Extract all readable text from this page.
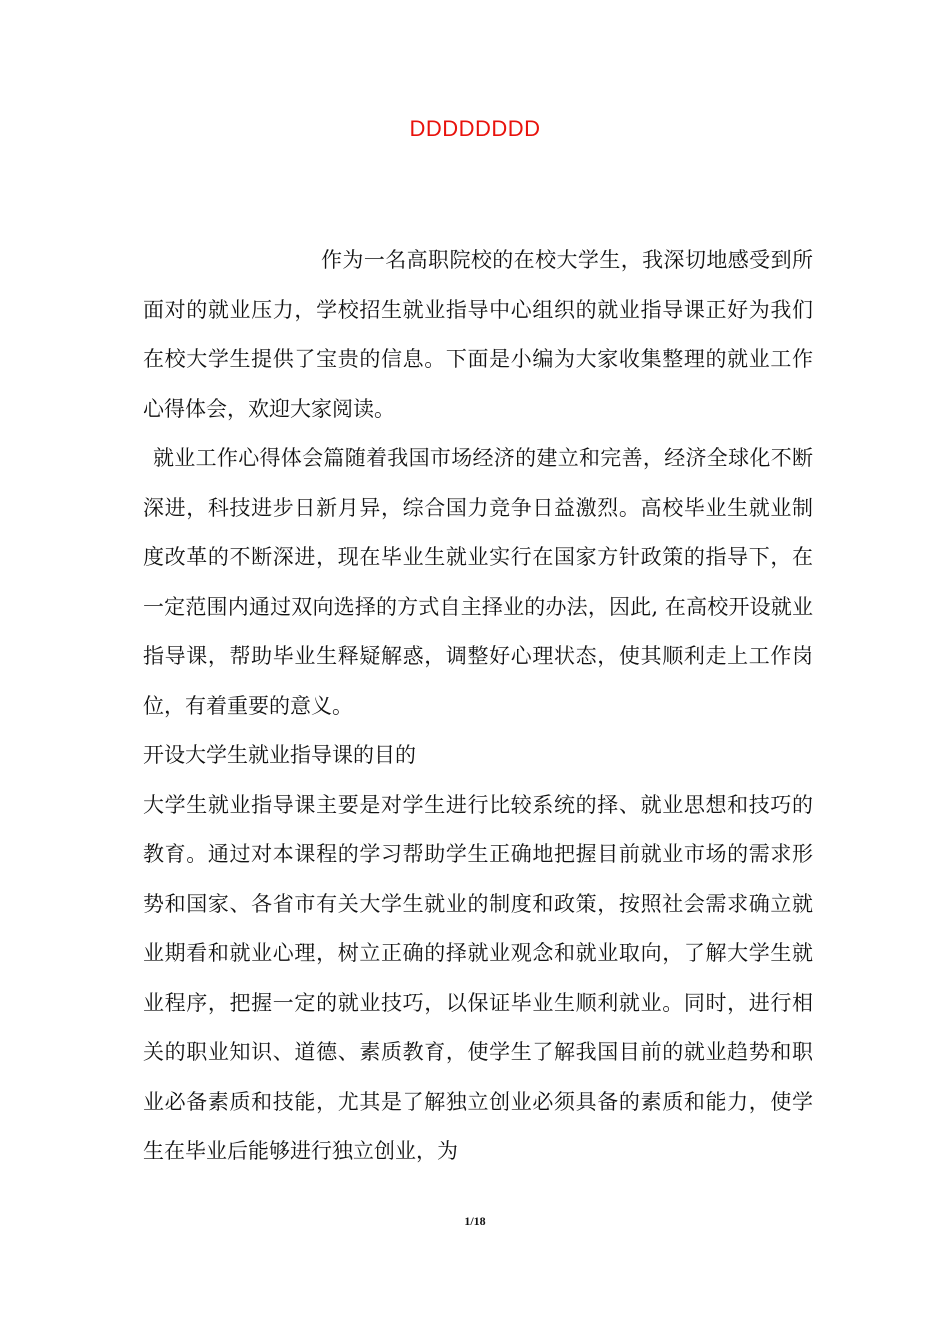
DDDDDDDD

作为一名高职院校的在校大学生，我深切地感受到所面对的就业压力，学校招生就业指导中心组织的就业指导课正好为我们在校大学生提供了宝贵的信息。下面是小编为大家收集整理的就业工作心得体会，欢迎大家阅读。

就业工作心得体会篇随着我国市场经济的建立和完善，经济全球化不断深进，科技进步日新月异，综合国力竞争日益激烈。高校毕业生就业制度改革的不断深进，现在毕业生就业实行在国家方针政策的指导下，在一定范围内通过双向选择的方式自主择业的办法，因此, 在高校开设就业指导课，帮助毕业生释疑解惑，调整好心理状态，使其顺利走上工作岗位，有着重要的意义。

开设大学生就业指导课的目的

大学生就业指导课主要是对学生进行比较系统的择、就业思想和技巧的教育。通过对本课程的学习帮助学生正确地把握目前就业市场的需求形势和国家、各省市有关大学生就业的制度和政策，按照社会需求确立就业期看和就业心理，树立正确的择就业观念和就业取向，了解大学生就业程序，把握一定的就业技巧，以保证毕业生顺利就业。同时，进行相关的职业知识、道德、素质教育，使学生了解我国目前的就业趋势和职业必备素质和技能，尤其是了解独立创业必须具备的素质和能力，使学生在毕业后能够进行独立创业，为

1/18
